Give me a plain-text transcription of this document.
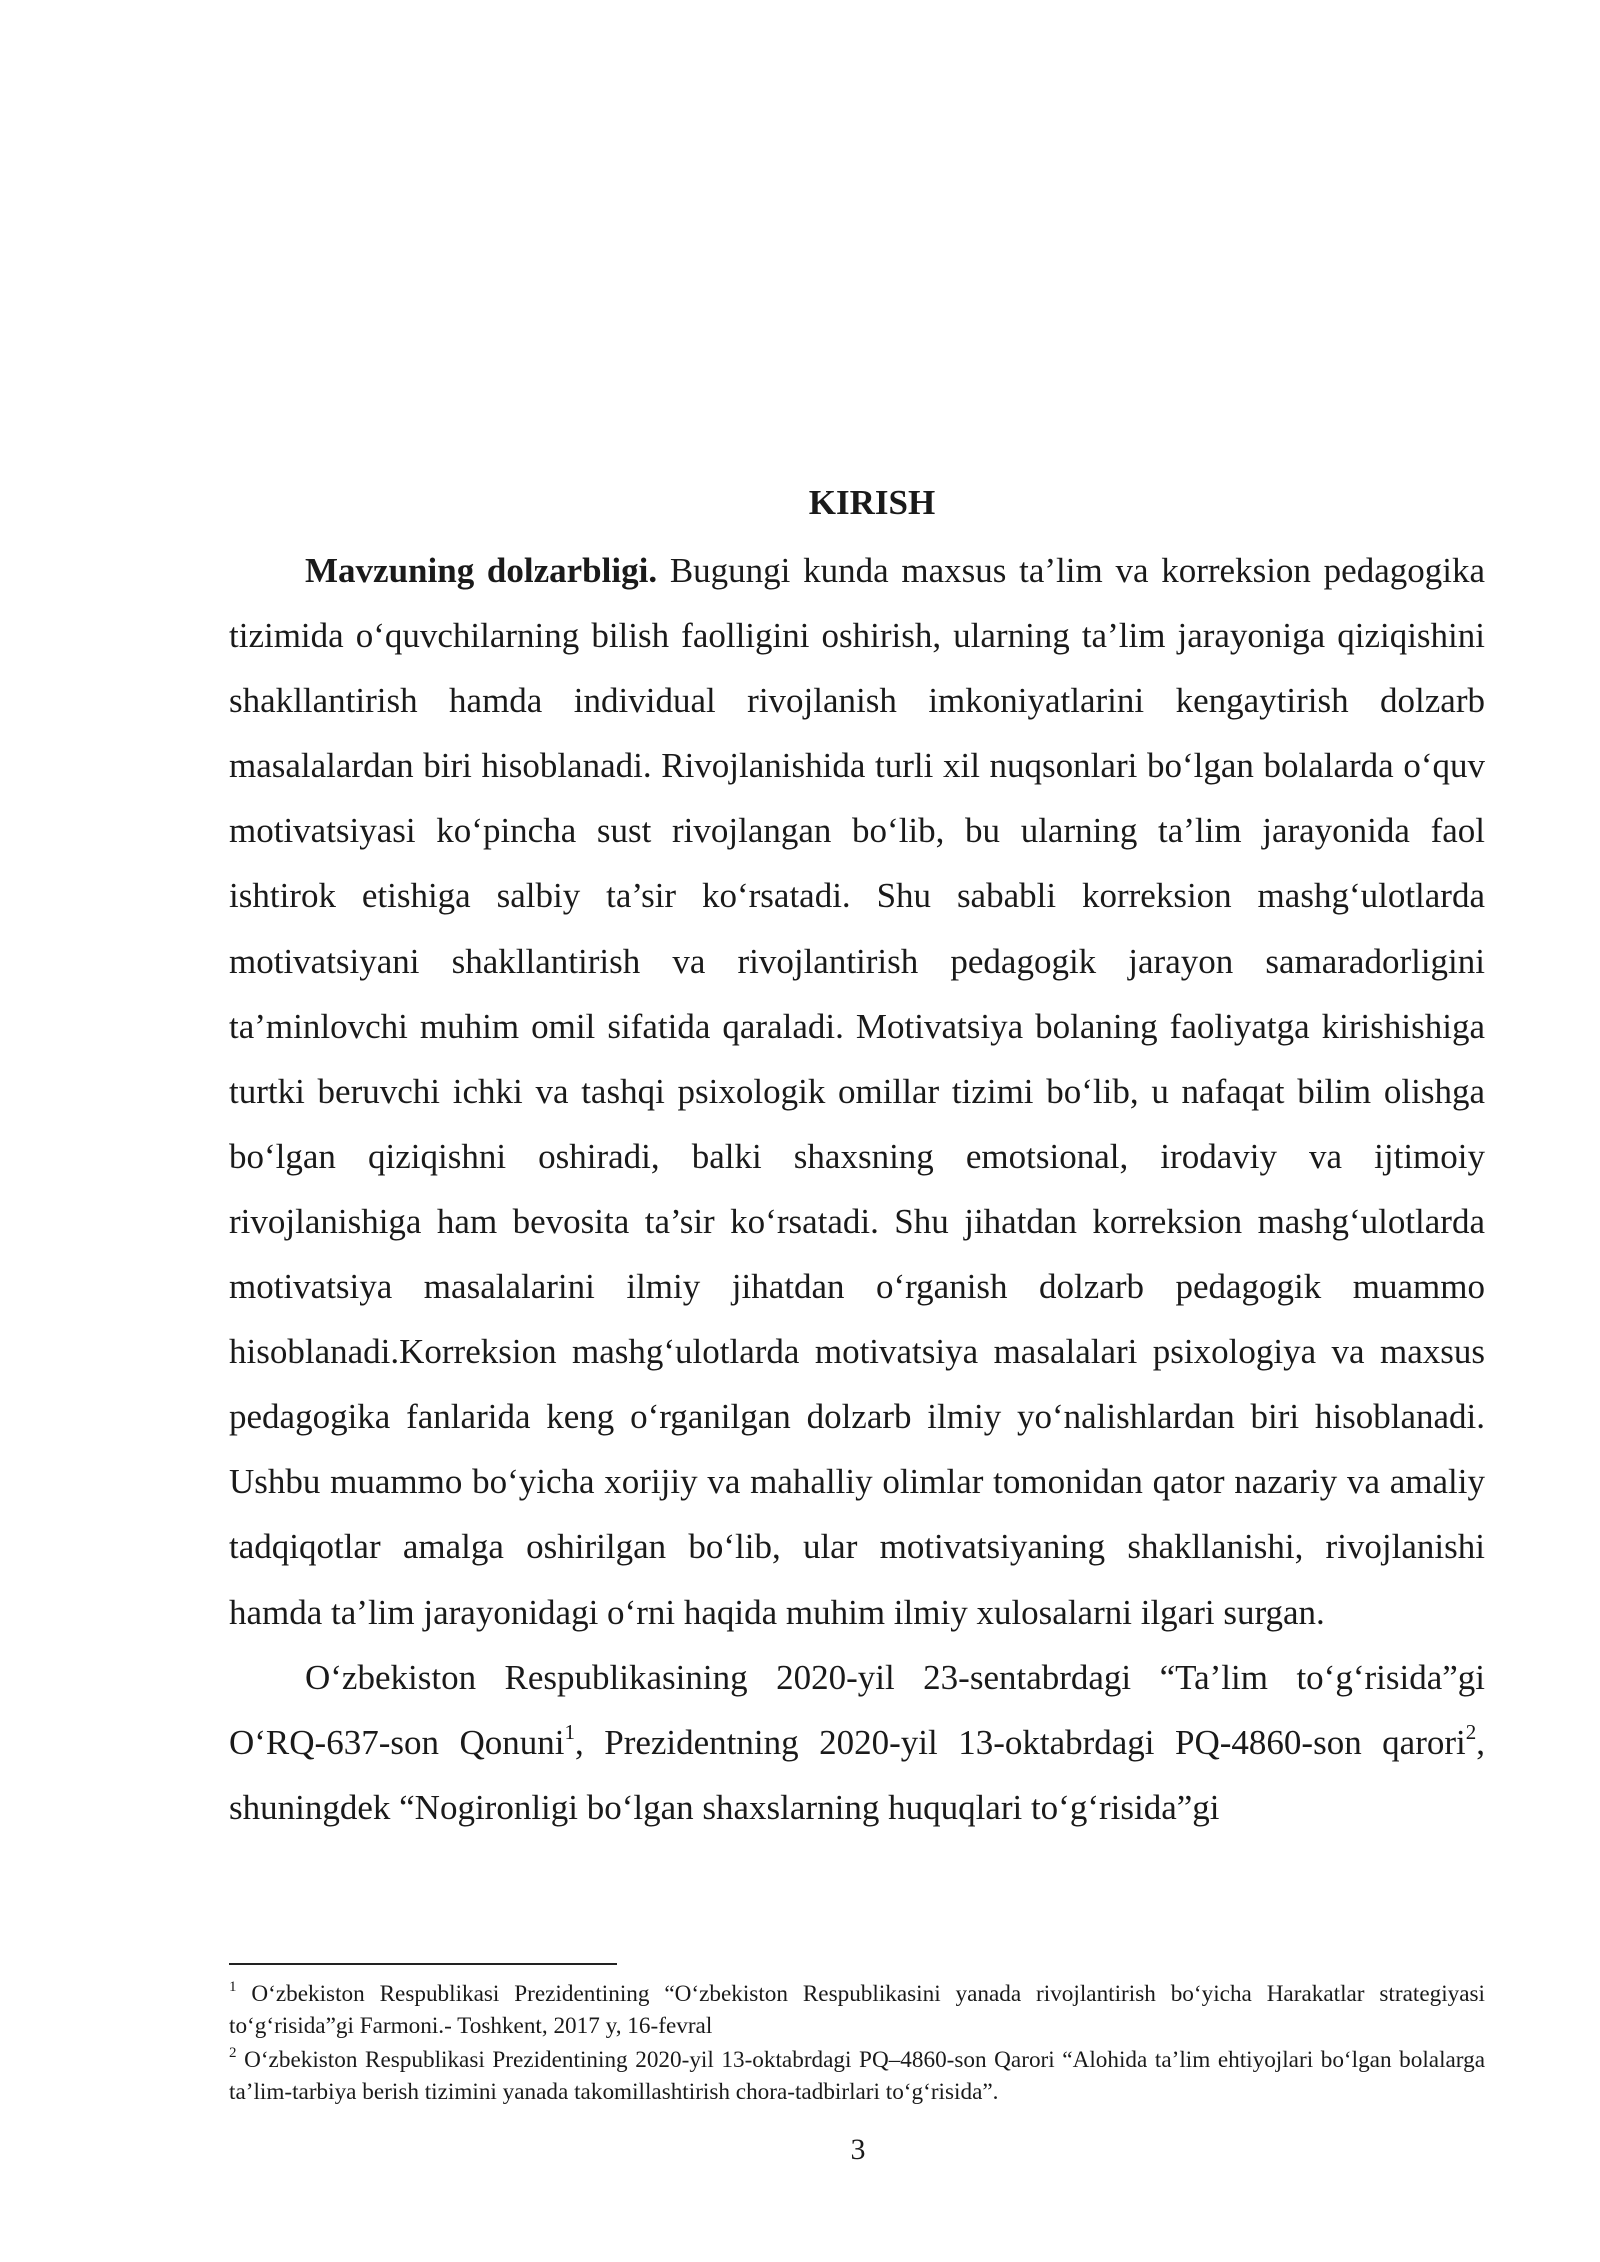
KIRISH

Mavzuning dolzarbligi. Bugungi kunda maxsus ta’lim va korreksion pedagogika tizimida o‘quvchilarning bilish faolligini oshirish, ularning ta’lim jarayoniga qiziqishini shakllantirish hamda individual rivojlanish imkoniyatlarini kengaytirish dolzarb masalalardan biri hisoblanadi. Rivojlanishida turli xil nuqsonlari bo‘lgan bolalarda o‘quv motivatsiyasi ko‘pincha sust rivojlangan bo‘lib, bu ularning ta’lim jarayonida faol ishtirok etishiga salbiy ta’sir ko‘rsatadi. Shu sababli korreksion mashg‘ulotlarda motivatsiyani shakllantirish va rivojlantirish pedagogik jarayon samaradorligini ta’minlovchi muhim omil sifatida qaraladi. Motivatsiya bolaning faoliyatga kirishishiga turtki beruvchi ichki va tashqi psixologik omillar tizimi bo‘lib, u nafaqat bilim olishga bo‘lgan qiziqishni oshiradi, balki shaxsning emotsional, irodaviy va ijtimoiy rivojlanishiga ham bevosita ta’sir ko‘rsatadi. Shu jihatdan korreksion mashg‘ulotlarda motivatsiya masalalarini ilmiy jihatdan o‘rganish dolzarb pedagogik muammo hisoblanadi.Korreksion mashg‘ulotlarda motivatsiya masalalari psixologiya va maxsus pedagogika fanlarida keng o‘rganilgan dolzarb ilmiy yo‘nalishlardan biri hisoblanadi. Ushbu muammo bo‘yicha xorijiy va mahalliy olimlar tomonidan qator nazariy va amaliy tadqiqotlar amalga oshirilgan bo‘lib, ular motivatsiyaning shakllanishi, rivojlanishi hamda ta’lim jarayonidagi o‘rni haqida muhim ilmiy xulosalarni ilgari surgan.

O‘zbekiston Respublikasining 2020-yil 23-sentabrdagi “Ta’lim to‘g‘risida”gi O‘RQ-637-son Qonuni$^1$, Prezidentning 2020-yil 13-oktabrdagi PQ-4860-son qarori$^2$, shuningdek “Nogironligi bo‘lgan shaxslarning huquqlari to‘g‘risida”gi

$^1$ O‘zbekiston Respublikasi Prezidentining “O‘zbekiston Respublikasini yanada rivojlantirish bo‘yicha Harakatlar strategiyasi to‘g‘risida”gi Farmoni.- Toshkent, 2017 y, 16-fevral

$^2$ O‘zbekiston Respublikasi Prezidentining 2020-yil 13-oktabrdagi PQ–4860-son Qarori “Alohida ta’lim ehtiyojlari bo‘lgan bolalarga ta’lim-tarbiya berish tizimini yanada takomillashtirish chora-tadbirlari to‘g‘risida”.

3
